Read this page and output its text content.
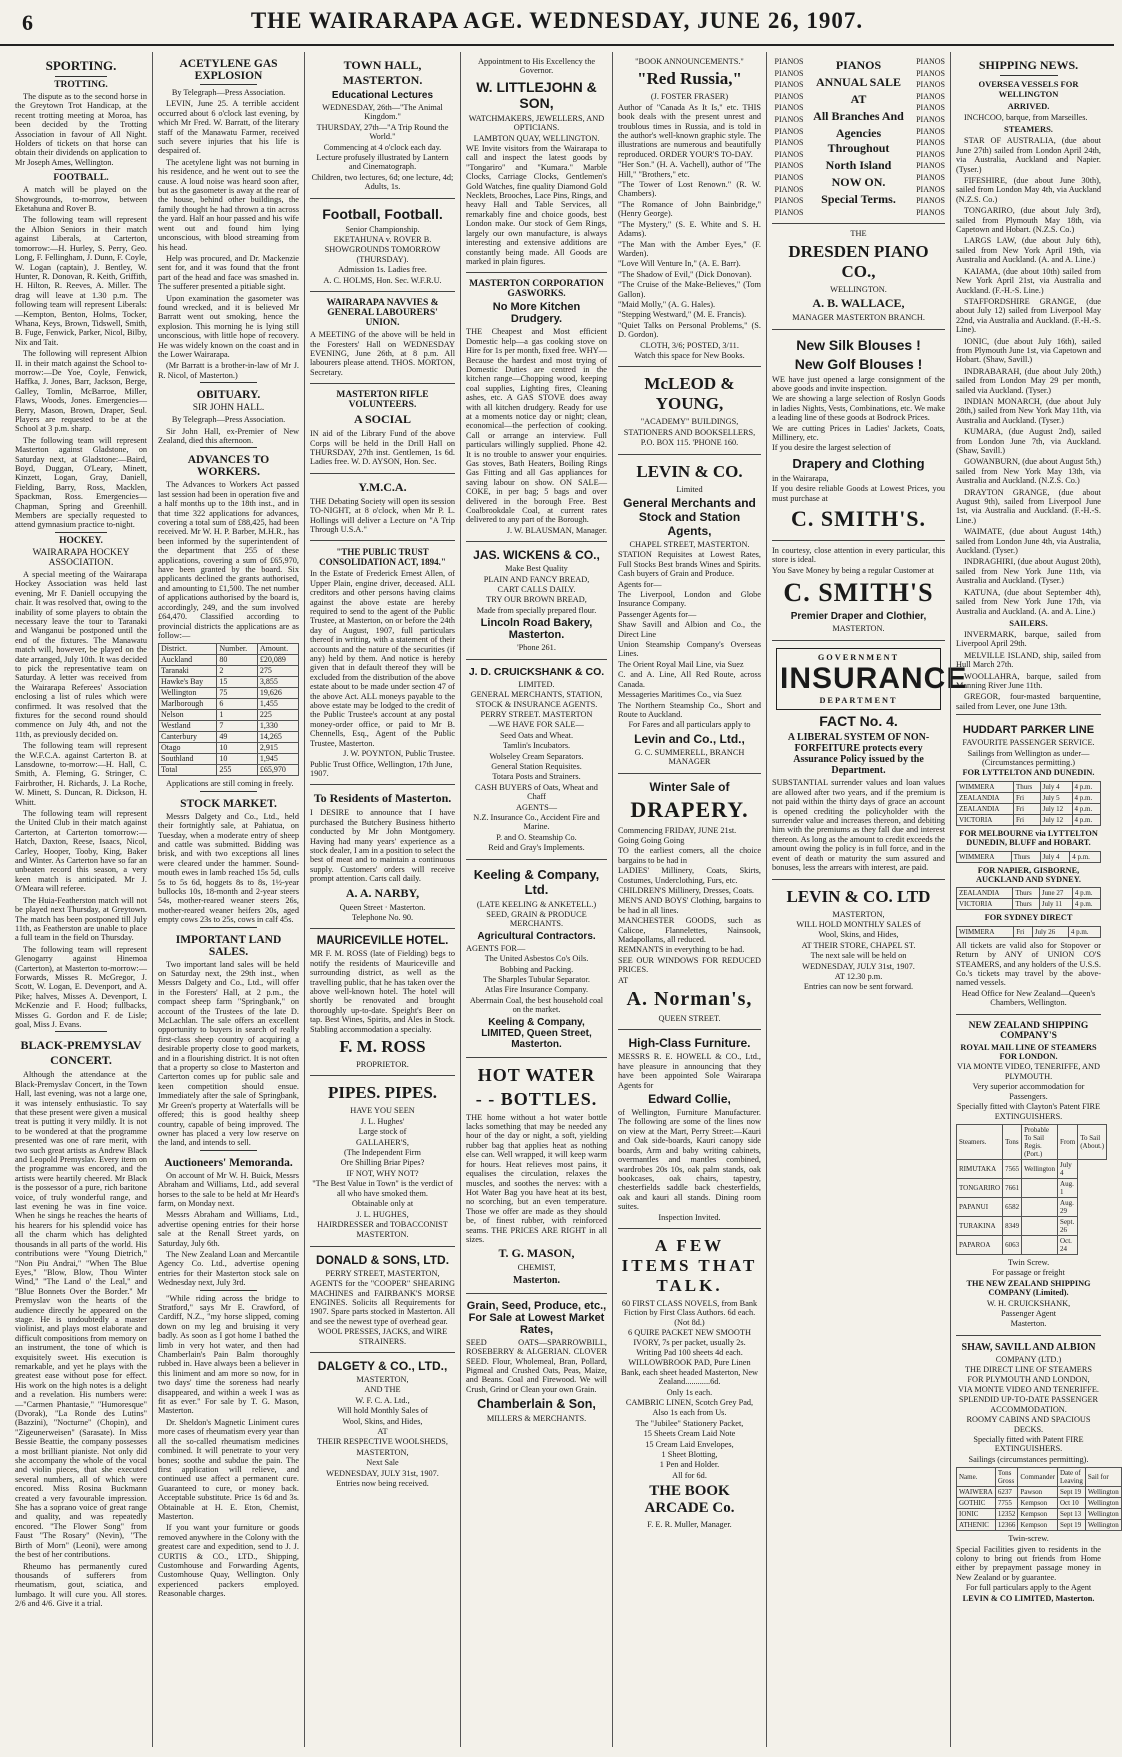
6	THE WAIRARAPA AGE. WEDNESDAY, JUNE 26, 1907.
SPORTING.
TROTTING.
The dispute as to the second horse in the Greytown Trot Handicap, at the recent trotting meeting at Moroa, has been decided by the Trotting Association in favour of All Night. Holders of tickets on that horse can obtain their dividends on application to Mr Joseph Ames, Wellington.
FOOTBALL.
A match will be played on the Showgrounds, to-morrow, between Eketahuna and Rover B.
The following team will represent the Albion Seniors in their match against Liberals, at Carterton, tomorrow:—H. Hurley, S. Perry, Geo. Long, F. Fellingham, J. Dunn, F. Coyle, W. Logan (captain), J. Bentley, W. Hunter, R. Donovan, R. Keith, Griffith, H. Hilton, R. Reeves, A. Miller. The drag will leave at 1.30 p.m. The following team will represent Liberals:—Kempton, Benton, Holms, Tocker, Whana, Keys, Brown, Tidswell, Smith, B. Fuge, Fenwick, Parker, Nicol, Bilby, Nix and Tait.
The following will represent Albion II. in their match against the School to-morrow:—De Yoe, Coyle, Fenwick, Haffka, J. Jones, Barr, Jackson, Berge, Galley, Tomlin, McBarroe, Miller, Flaws, Woods, Jones. Emergencies—Berry, Mason, Brown, Draper, Seul. Players are requested to be at the School at 3 p.m. sharp.
The following team will represent Masterton against Gladstone, on Saturday next, at Gladstone:—Baird, Boyd, Duggan, O'Leary, Minett, Kinzett, Logan, Gray, Daniell, Fielding, Barry, Ross, Macklen, Spackman, Ross. Emergencies—Chapman, Spring and Greenhill. Members are specially requested to attend gymnasium practice to-night.
HOCKEY.
WAIRARAPA HOCKEY ASSOCIATION.
A special meeting of the Wairarapa Hockey Association was held last evening, Mr F. Daniell occupying the chair. It was resolved that, owing to the inability of some players to obtain the necessary leave the tour to Taranaki and Wanganui be postponed until the end of the fixtures. The Manawatu match will, however, be played on the date arranged, July 10th. It was decided to pick the representative team on Saturday. A letter was received from the Wairarapa Referees' Association enclosing a list of rules which were confirmed. It was resolved that the fixtures for the second round should commence on July 4th, and not the 11th, as previously decided on.
The following team will represent the W.F.C.A. against Carterton B. at Lansdowne, to-morrow:—H. Hall, C. Smith, A. Fleming, G. Stringer, C. Fairbrother, H. Richards, J. La Roche, W. Minett, S. Duncan, R. Dickson, H. Whitt.
The following team will represent the United Club in their match against Carterton, at Carterton tomorrow:—Hatch, Daxton, Reese, Isaacs, Nicol, Carley, Hooper, Tooby, King, Baker and Winter. As Carterton have so far an unbeaten record this season, a very keen match is anticipated. Mr J. O'Meara will referee.
The Huia-Featherston match will not be played next Thursday, at Greytown. The match has been postponed till July 11th, as Featherston are unable to place a full team in the field on Thursday.
The following team will represent Glenogarry against Hinemoa (Carterton), at Masterton to-morrow:—Forwards, Misses R. McGregor, J. Scott, W. Logan, E. Devenport, and A. Pike; halves, Misses A. Devenport, I. McKenzie and F. Hood; fullbacks, Misses G. Gordon and F. de Lisle; goal, Miss J. Evans.
BLACK-PREMYSLAV CONCERT.
Although the attendance at the Black-Premyslav Concert, in the Town Hall, last evening, was not a large one, it was intensely enthusiastic. To say that these present were given a musical treat is putting it very mildly. It is not to be wondered at that the programme presented was one of rare merit, with two such great artists as Andrew Black and Leopold Premyslav. Every item on the programme was encored, and the artists were heartily cheered. Mr Black is the possessor of a pure, rich baritone voice, of truly wonderful range, and last evening he was in fine voice. When he sings he reaches the hearts of his hearers for his splendid voice has all the charm which has delighted thousands in all parts of the world. His contributions were "Young Dietrich," "Non Piu Andrai," "When The Blue Eyes," "Blow, Blow, Thou Winter Wind," "The Land o' the Leal," and "Blue Bonnets Over the Border." Mr Premyslav won the hearts of the audience directly he appeared on the stage. He is undoubtedly a master violinist, and plays most elaborate and difficult compositions from memory on an instrument, the tone of which is exquisitely sweet. His execution is remarkable, and yet he plays with the greatest ease without pose for effect. His work on the high notes is a delight and a revelation. His numbers were:—"Carmen Phantasie," "Humoresque" (Dvorak), "La Ronde des Lutins" (Bazzini), "Nocturne" (Chopin), and "Zigeunerweisen" (Sarasate). In Miss Bessie Beattie, the company possesses a most brilliant pianiste. Not only did she accompany the whole of the vocal and violin pieces, that she executed several numbers, all of which were encored. Miss Rosina Buckmann created a very favourable impression. She has a soprano voice of great range and quality, and was repeatedly encored. "The Flower Song" from Faust "The Rosary" (Nevin), "The Birth of Morn" (Leoni), were among the best of her contributions.
Rheumo has permanently cured thousands of sufferers from rheumatism, gout, sciatica, and lumbago. It will cure you. All stores. 2/6 and 4/6. Give it a trial.
ACETYLENE GAS EXPLOSION
By Telegraph—Press Association.
LEVIN, June 25. A terrible accident occurred about 6 o'clock last evening, by which Mr Fred. W. Barratt, of the literary staff of the Manawatu Farmer, received such severe injuries that his life is despaired of.
The acetylene light was not burning in his residence, and he went out to see the cause. A loud noise was heard soon after, but as the gasometer is away at the rear of the house, behind other buildings, the family thought he had thrown a tin across the yard. Half an hour passed and his wife went out and found him lying unconscious, with blood streaming from his head.
Help was procured, and Dr. Mackenzie sent for, and it was found that the front part of the head and face was smashed in. The sufferer presented a pitiable sight.
Upon examination the gasometer was found wrecked, and it is believed Mr Barratt went out smoking, hence the explosion. This morning he is lying still unconscious, with little hope of recovery. He was widely known on the coast and in the Lower Wairarapa.
(Mr Barratt is a brother-in-law of Mr J. R. Nicol, of Masterton.)
OBITUARY.
SIR JOHN HALL.
By Telegraph—Press Association.
Sir John Hall, ex-Premier of New Zealand, died this afternoon.
ADVANCES TO WORKERS.
The Advances to Workers Act passed last session had been in operation five and a half months up to the 18th inst., and in that time 322 applications for advances, covering a total sum of £88,425, had been received. Mr W. H. P. Barber, M.H.R., has been informed by the superintendent of the department that 255 of these applications, covering a sum of £65,970, have been granted by the board. Six applicants declined the grants authorised, and amounting to £1,500. The net number of applications authorised by the board is, accordingly, 249, and the sum involved £64,470. Classified according to provincial districts the applications are as follow:—
District.	Number.	Amount.
Auckland	80	£20,089
Taranaki	2	275
Hawke's Bay	15	3,855
Wellington	75	19,626
Marlborough	6	1,455
Nelson	1	225
Westland	7	1,330
Canterbury	49	14,265
Otago	10	2,915
Southland	10	1,945
Total	255	£65,970
Applications are still coming in freely.
STOCK MARKET.
Messrs Dalgety and Co., Ltd., held their fortnightly sale, at Pahiatua, on Tuesday, when a moderate entry of sheep and cattle was submitted. Bidding was brisk, and with two exceptions all lines were cleared under the hammer. Sound-mouth ewes in lamb reached 15s 5d, culls 5s to 5s 6d, hoggets 8s to 8s, 1½-year bullocks 10s, 18-month and 2-year steers 54s, mother-reared weaner steers 26s, mother-reared weaner heifers 20s, aged empty cows 23s to 25s, cows in calf 45s.
IMPORTANT LAND SALES.
Two important land sales will be held on Saturday next, the 29th inst., when Messrs Dalgety and Co., Ltd., will offer in the Foresters' Hall, at 2 p.m., the compact sheep farm "Springbank," on account of the Trustees of the late D. McLachlan. The sale offers an excellent opportunity to buyers in search of really first-class sheep country of acquiring a desirable property close to good markets, and in a flourishing district. It is not often that a property so close to Masterton and Carterton comes up for public sale and keen competition should ensue. Immediately after the sale of Springbank, Mr Green's property at Waterfalls will be offered; this is good healthy sheep country, capable of being improved. The owner has placed a very low reserve on the land, and intends to sell.
Auctioneers' Memoranda.
On account of Mr W. H. Buick, Messrs Abraham and Williams, Ltd., add several horses to the sale to be held at Mr Heard's farm, on Monday next.
Messrs Abraham and Williams, Ltd., advertise opening entries for their horse sale at the Renall Street yards, on Saturday, July 6th.
The New Zealand Loan and Mercantile Agency Co. Ltd., advertise opening entries for their Masterton stock sale on Wednesday next, July 3rd.
"While riding across the bridge to Stratford," says Mr E. Crawford, of Cardiff, N.Z., "my horse slipped, coming down on my leg and bruising it very badly. As soon as I got home I bathed the limb in very hot water, and then had Chamberlain's Pain Balm thoroughly rubbed in. Have always been a believer in this liniment and am more so now, for in two days' time the soreness had nearly disappeared, and within a week I was as fit as ever." For sale by T. G. Mason, Masterton.
Dr. Sheldon's Magnetic Liniment cures more cases of rheumatism every year than all the so-called rheumatism medicines combined. It will penetrate to your very bones; soothe and subdue the pain. The first application will relieve, and continued use affect a permanent cure. Guaranteed to cure, or money back. Acceptable substitute. Price 1s 6d and 3s. Obtainable at H. E. Eton, Chemist, Masterton.
If you want your furniture or goods removed anywhere in the Colony with the greatest care and expedition, send to J. J. CURTIS & CO., LTD., Shipping, Customhouse and Forwarding Agents, Customhouse Quay, Wellington. Only experienced packers employed. Reasonable charges.
TOWN HALL, MASTERTON.
Educational Lectures
WEDNESDAY, 26th—"The Animal Kingdom."
THURSDAY, 27th—"A Trip Round the World."
Commencing at 4 o'clock each day.
Lecture profusely illustrated by Lantern and Cinematograph.
Children, two lectures, 6d; one lecture, 4d; Adults, 1s.
Football, Football.
Senior Championship.
EKETAHUNA v. ROVER B.
SHOWGROUNDS TOMORROW (THURSDAY).
Admission 1s. Ladies free.
A. C. HOLMS, Hon. Sec. W.F.R.U.
WAIRARAPA NAVVIES & GENERAL LABOURERS' UNION.
A MEETING of the above will be held in the Foresters' Hall on WEDNESDAY EVENING, June 26th, at 8 p.m. All labourers please attend. THOS. MORTON, Secretary.
MASTERTON RIFLE VOLUNTEERS.
A SOCIAL
IN aid of the Library Fund of the above Corps will be held in the Drill Hall on THURSDAY, 27th inst. Gentlemen, 1s 6d. Ladies free. W. D. AYSON, Hon. Sec.
Y.M.C.A.
THE Debating Society will open its session TO-NIGHT, at 8 o'clock, when Mr P. L. Hollings will deliver a Lecture on "A Trip Through U.S.A."
"THE PUBLIC TRUST CONSOLIDATION ACT, 1894."
In the Estate of Frederick Ernest Allen, of Upper Plain, engine driver, deceased. ALL creditors and other persons having claims against the above estate are hereby required to send to the agent of the Public Trustee, at Masterton, on or before the 24th day of August, 1907, full particulars thereof in writing, with a statement of their accounts and the nature of the securities (if any) held by them. And notice is hereby given that in default thereof they will be excluded from the distribution of the above estate about to be made under section 47 of the above Act. ALL moneys payable to the above estate may be lodged to the credit of the Public Trustee's account at any postal money-order office, or paid to Mr B. Chennells, Esq., Agent of the Public Trustee, Masterton.
J. W. POYNTON, Public Trustee.
Public Trust Office, Wellington, 17th June, 1907.
To Residents of Masterton.
I DESIRE to announce that I have purchased the Butchery Business hitherto conducted by Mr John Montgomery. Having had many years' experience as a stock dealer, I am in a position to select the best of meat and to maintain a continuous supply. Customers' orders will receive prompt attention. Carts call daily.
A. A. NARBY,
Queen Street · Masterton.
Telephone No. 90.
MAURICEVILLE HOTEL.
MR F. M. ROSS (late of Fielding) begs to notify the residents of Mauriceville and surrounding district, as well as the travelling public, that he has taken over the above well-known hotel. The hotel will shortly be renovated and brought thoroughly up-to-date. Speight's Beer on tap. Best Wines, Spirits, and Ales in Stock. Stabling accommodation a specialty.
F. M. ROSS
PROPRIETOR.
PIPES. PIPES.
HAVE YOU SEEN
J. L. Hughes'
Large stock of
GALLAHER'S,
(The Independent Firm
Ore Shilling Briar Pipes?
IF NOT, WHY NOT?
"The Best Value in Town" is the verdict of all who have smoked them.
Obtainable only at
J. L. HUGHES,
HAIRDRESSER and TOBACCONIST
MASTERTON.
DONALD & SONS, LTD.
PERRY STREET, MASTERTON,
AGENTS for the "COOPER" SHEARING MACHINES and FAIRBANK'S MORSE ENGINES. Solicits all Requirements for 1907. Spare parts stocked in Masterton. All and see the newest type of overhead gear.
WOOL PRESSES, JACKS, and WIRE STRAINERS.
DALGETY & CO., LTD.,
MASTERTON,
AND THE
W. F. C. A. Ltd.,
Will hold Monthly Sales of
Wool, Skins, and Hides,
AT
THEIR RESPECTIVE WOOLSHEDS,
MASTERTON,
Next Sale
WEDNESDAY, JULY 31st, 1907.
Entries now being received.
Appointment to His Excellency the Governor.
W. LITTLEJOHN & SON,
WATCHMAKERS, JEWELLERS, AND OPTICIANS.
LAMBTON QUAY, WELLINGTON.
WE Invite visitors from the Wairarapa to call and inspect the latest goods by "Tongariro" and "Kumara." Marble Clocks, Carriage Clocks, Gentlemen's Gold Watches, fine quality Diamond Gold Necklets, Brooches, Lace Pins, Rings, and heavy Hall and Table Services, all remarkably fine and choice goods, best London make. Our stock of Gem Rings, largely our own manufacture, is always interesting and extensive additions are constantly being made. All Goods are marked in plain figures.
MASTERTON CORPORATION GASWORKS.
No More Kitchen Drudgery.
THE Cheapest and Most efficient Domestic help—a gas cooking stove on Hire for 1s per month, fixed free. WHY—Because the hardest and most trying of Domestic Duties are centred in the kitchen range—Chopping wood, keeping coal supplies, Lighting fires, Cleaning ashes, etc. A GAS STOVE does away with all kitchen drudgery. Ready for use at a moments notice day or night; clean, economical—the perfection of cooking. Call or arrange an interview. Full particulars willingly supplied. Phone 42. It is no trouble to answer your enquiries. Gas stoves, Bath Heaters, Boiling Rings Gas Fitting and all Gas appliances for saving labour on show. ON SALE—COKE, in per bag; 5 bags and over delivered in the borough Free. Best Coalbrookdale Coal, at current rates delivered to any part of the Borough.
J. W. BLAUSMAN, Manager.
JAS. WICKENS & CO.,
Make Best Quality
PLAIN AND FANCY BREAD,
CART CALLS DAILY.
TRY OUR BROWN BREAD,
Made from specially prepared flour.
Lincoln Road Bakery, Masterton.
'Phone 261.
J. D. CRUICKSHANK & CO.
LIMITED.
GENERAL MERCHANTS, STATION, STOCK & INSURANCE AGENTS.
PERRY STREET. MASTERTON
—WE HAVE FOR SALE—
Seed Oats and Wheat.
Tamlin's Incubators.
Wolseley Cream Separators.
General Station Requisites.
Totara Posts and Strainers.
CASH BUYERS of Oats, Wheat and Chaff
AGENTS—
N.Z. Insurance Co., Accident Fire and Marine.
P. and O. Steamship Co.
Reid and Gray's Implements.
Keeling & Company, Ltd.
(LATE KEELING & ANKETELL.)
SEED, GRAIN & PRODUCE MERCHANTS.
Agricultural Contractors.
AGENTS FOR—
The United Asbestos Co's Oils.
Bobbing and Packing.
The Sharples Tubular Separator.
Atlas Fire Insurance Company.
Aberrnain Coal, the best household coal on the market.
Keeling & Company, LIMITED, Queen Street, Masterton.
HOT WATER
- - BOTTLES.
THE home without a hot water bottle lacks something that may be needed any hour of the day or night, a soft, yielding rubber bag that applies heat as nothing else can. Well wrapped, it will keep warm for hours. Heat relieves most pains, it equalises the circulation, relaxes the muscles, and soothes the nerves: with a Hot Water Bag you have heat at its best, no scorching, but an even temperature. Those we offer are made as they should be, of finest rubber, with reinforced seams. THE PRICES ARE RIGHT in all sizes.
T. G. MASON,
CHEMIST,
Masterton.
Grain, Seed, Produce, etc., For Sale at Lowest Market Rates,
SEED OATS—SPARROWBILL, ROSEBERRY & ALGERIAN. CLOVER SEED. Flour, Wholemeal, Bran, Pollard, Pigmeal and Crushed Oats, Peas, Maize, and Beans. Coal and Firewood. We will Crush, Grind or Clean your own Grain.
Chamberlain & Son,
MILLERS & MERCHANTS.
"BOOK ANNOUNCEMENTS."
"Red Russia,"
(J. FOSTER FRASER)
Author of "Canada As It Is," etc. THIS book deals with the present unrest and troublous times in Russia, and is told in the author's well-known graphic style. The illustrations are numerous and beautifully reproduced. ORDER YOUR'S TO-DAY.
"Her Son." (H. A. Vachell), author of "The Hill," "Brothers," etc.
"The Tower of Lost Renown." (R. W. Chambers).
"The Romance of John Bainbridge," (Henry George).
"The Mystery," (S. E. White and S. H. Adams).
"The Man with the Amber Eyes," (F. Warden).
"Love Will Venture In," (A. E. Barr).
"The Shadow of Evil," (Dick Donovan).
"The Cruise of the Make-Believes," (Tom Gallon).
"Maid Molly," (A. G. Hales).
"Stepping Westward," (M. E. Francis).
"Quiet Talks on Personal Problems," (S. D. Gordon).
CLOTH, 3/6; POSTED, 3/11.
Watch this space for New Books.
McLEOD & YOUNG,
"ACADEMY" BUILDINGS,
STATIONERS AND BOOKSELLERS,
P.O. BOX 115. 'PHONE 160.
LEVIN & CO.
Limited
General Merchants and Stock and Station Agents,
CHAPEL STREET, MASTERTON.
STATION Requisites at Lowest Rates, Full Stocks Best brands Wines and Spirits. Cash buyers of Grain and Produce.
Agents for—
The Liverpool, London and Globe Insurance Company.
Passenger Agents for—
Shaw Savill and Albion and Co., the Direct Line
Union Steamship Company's Overseas Lines.
The Orient Royal Mail Line, via Suez
C. and A. Line, All Red Route, across Canada.
Messageries Maritimes Co., via Suez
The Northern Steamship Co., Short and Route to Auckland.
For Fares and all particulars apply to
Levin and Co., Ltd.,
G. C. SUMMERELL, BRANCH MANAGER
Winter Sale of
DRAPERY.
Commencing FRIDAY, JUNE 21st.
Going Going Going
TO the earliest comers, all the choice bargains to be had in
LADIES' Millinery, Coats, Skirts, Costumes, Underclothing, Furs, etc.
CHILDREN'S Millinery, Dresses, Coats.
MEN'S AND BOYS' Clothing, bargains to be had in all lines.
MANCHESTER GOODS, such as Calicoe, Flannelettes, Nainsook, Madapollams, all reduced.
REMNANTS in everything to be had.
SEE OUR WINDOWS FOR REDUCED PRICES.
AT
A. Norman's,
QUEEN STREET.
High-Class Furniture.
MESSRS R. E. HOWELL & CO., Ltd., have pleasure in announcing that they have been appointed Sole Wairarapa Agents for
Edward Collie,
of Wellington, Furniture Manufacturer. The following are some of the lines now on view at the Mart, Perry Street:—Kauri and Oak side-boards, Kauri canopy side boards, Arm and baby writing cabinets, overmantles and mantles combined, wardrobes 20s 10s, oak palm stands, oak bookcases, oak chairs, tapestry, chesterfields saddle back chesterfields, oak and kauri all stands. Dining room suites.
Inspection Invited.
A FEW ITEMS THAT TALK.
60 FIRST CLASS NOVELS, from Bank Fiction by First Class Authors. 6d each. (Not 8d.)
6 QUIRE PACKET NEW SMOOTH IVORY, 7s per packet, usually 2s.
Writing Pad 100 sheets 4d each.
WILLOWBROOK PAD, Pure Linen Bank, each sheet headed Masterton, New Zealand............6d.
Only 1s each.
CAMBRIC LINEN, Scotch Grey Pad,
Also 1s each from Us.
The "Jubilee" Stationery Packet,
15 Sheets Cream Laid Note
15 Cream Laid Envelopes,
1 Sheet Blotting,
1 Pen and Holder.
All for 6d.
THE BOOK ARCADE Co.
F. E. R. Muller, Manager.
PIANOS
PIANOS
PIANOS
PIANOS
PIANOS
PIANOS
PIANOS
PIANOS
PIANOS
PIANOS
PIANOS
PIANOS
PIANOS
PIANOS
PIANOS
ANNUAL SALE
AT
All Branches And
Agencies Throughout
North Island
NOW ON.
Special Terms.
PIANOS
PIANOS
PIANOS
PIANOS
PIANOS
PIANOS
PIANOS
PIANOS
PIANOS
PIANOS
PIANOS
PIANOS
PIANOS
PIANOS
THE
DRESDEN PIANO CO.,
WELLINGTON.
A. B. WALLACE,
MANAGER MASTERTON BRANCH.
New Silk Blouses !
New Golf Blouses !
WE have just opened a large consignment of the above goods and invite inspection.
We are showing a large selection of Roslyn Goods in ladies Nights, Vests, Combinations, etc. We make a leading line of these goods at Bodrock Prices.
We are cutting Prices in Ladies' Jackets, Coats, Millinery, etc.
If you desire the largest selection of
Drapery and Clothing
in the Wairarapa,
If you desire reliable Goods at Lowest Prices, you must purchase at
C. SMITH'S.
In courtesy, close attention in every particular, this store is ideal.
You Save Money by being a regular Customer at
C. SMITH'S
Premier Draper and Clothier,
MASTERTON.
GOVERNMENT
INSURANCE
DEPARTMENT
FACT No. 4.
A LIBERAL SYSTEM OF NON-FORFEITURE protects every Assurance Policy issued by the Department.
SUBSTANTIAL surrender values and loan values are allowed after two years, and if the premium is not paid within the thirty days of grace an account is opened crediting the policyholder with the surrender value and increases thereon, and debiting him with the premiums as they fall due and interest thereon. As long as the amount to credit exceeds the amount owing the policy is in full force, and in the event of death or maturity the sum assured and bonuses, less the arrears with interest, are paid.
LEVIN & CO. LTD
MASTERTON,
WILL HOLD MONTHLY SALES of
Wool, Skins, and Hides,
AT THEIR STORE, CHAPEL ST.
The next sale will be held on
WEDNESDAY, JULY 31st, 1907.
AT 12.30 p.m.
Entries can now be sent forward.
SHIPPING NEWS.
OVERSEA VESSELS FOR WELLINGTON
ARRIVED.
INCHCOO, barque, from Marseilles.
STEAMERS.
STAR OF AUSTRALIA, (due about June 27th) sailed from London April 24th, via Australia, Auckland and Napier. (Tyser.)
FIFESHIRE, (due about June 30th), sailed from London May 4th, via Auckland (N.Z.S. Co.)
TONGARIRO, (due about July 3rd), sailed from Plymouth May 18th, via Capetown and Hobart. (N.Z.S. Co.)
LARGS LAW, (due about July 6th), sailed from New York April 19th, via Australia and Auckland. (A. and A. Line.)
KAIAMA, (due about 10th) sailed from New York April 21st, via Australia and Auckland. (F.-H.-S. Line.)
STAFFORDSHIRE GRANGE, (due about July 12) sailed from Liverpool May 22nd, via Australia and Auckland. (F.-H.-S. Line).
IONIC, (due about July 16th), sailed from Plymouth June 1st, via Capetown and Hobart. (Shaw, Savill.)
INDRABARAH, (due about July 20th,) sailed from London May 29 per month, sailed via Auckland. (Tyser.)
INDIAN MONARCH, (due about July 28th,) sailed from New York May 11th, via Australia and Auckland. (Tyser.)
KUMARA, (due August 2nd), sailed from London June 7th, via Auckland. (Shaw, Savill.)
GOWANBURN, (due about August 5th,) sailed from New York May 13th, via Australia and Auckland. (N.Z.S. Co.)
DRAYTON GRANGE, (due about August 9th), sailed from Liverpool June 1st, via Australia and Auckland. (F.-H.-S. Line.)
WAIMATE, (due about August 14th,) sailed from London June 4th, via Australia, Auckland. (Tyser.)
INDRAGHIRI, (due about August 20th), sailed from New York June 11th, via Australia and Auckland. (Tyser.)
KATUNA, (due about September 4th), sailed from New York June 17th, via Australia and Auckland. (A. and A. Line.)
SAILERS.
INVERMARK, barque, sailed from Liverpool April 29th.
MELVILLE ISLAND, ship, sailed from Hull March 27th.
WOOLLAHRA, barque, sailed from Manning River June 11th.
GREGOR, four-masted barquentine, sailed from Lever, one June 13th.
HUDDART PARKER LINE
FAVOURITE PASSENGER SERVICE.
Sailings from Wellington as under—(Circumstances permitting.)
FOR LYTTELTON AND DUNEDIN.
WIMMERA	Thurs	July 4	4 p.m.
ZEALANDIA	Fri	July 5	4 p.m.
ZEALANDIA	Fri	July 12	4 p.m.
VICTORIA	Fri	July 12	4 p.m.
FOR MELBOURNE via LYTTELTON DUNEDIN, BLUFF and HOBART.
WIMMERA	Thurs	July 4	4 p.m.
FOR NAPIER, GISBORNE, AUCKLAND AND SYDNEY.
ZEALANDIA	Thurs	June 27	4 p.m.
VICTORIA	Thurs	July 11	4 p.m.
FOR SYDNEY DIRECT
WIMMERA	Fri	July 26	4 p.m.
All tickets are valid also for Stopover or Return by ANY of UNION CO'S STEAMERS, and any holders of the U.S.S. Co.'s tickets may travel by the above-named vessels.
Head Office for New Zealand—Queen's Chambers, Wellington.
NEW ZEALAND SHIPPING COMPANY'S
ROYAL MAIL LINE OF STEAMERS FOR LONDON.
VIA MONTE VIDEO, TENERIFFE, AND PLYMOUTH.
Very superior accommodation for Passengers.
Specially fitted with Clayton's Patent FIRE EXTINGUISHERS.
Steamers.	Tons	Probable To Sail Regis. (Port.)	From	To Sail (About.)
RIMUTAKA	7565	Wellington	July 4	
TONGARIRO	7661		Aug. 1	
PAPANUI	6582		Aug. 29	
TURAKINA	8349		Sept. 26	
PAPAROA	6063		Oct. 24	
Twin Screw.
For passage or freight
THE NEW ZEALAND SHIPPING COMPANY (Limited).
W. H. CRUICKSHANK,
Passenger Agent
Masterton.
SHAW, SAVILL AND ALBION
COMPANY (LTD.)
THE DIRECT LINE OF STEAMERS FOR PLYMOUTH AND LONDON,
VIA MONTE VIDEO AND TENERIFFE.
SPLENDID UP-TO-DATE PASSENGER ACCOMMODATION.
ROOMY CABINS AND SPACIOUS DECKS.
Specially fitted with Patent FIRE EXTINGUISHERS.
Sailings (circumstances permitting).
Name.	Tons Gross	Commander	Date of Leaving	Sail for
WAIWERA	6237	Pawson	Sept 19	Wellington
GOTHIC	7755	Kempson	Oct 10	Wellington
IONIC	12352	Kempson	Sept 13	Wellington
ATHENIC	12366	Kempson	Sept 19	Wellington
Twin-screw.
Special Facilities given to residents in the colony to bring out friends from Home either by prepayment passage money in New Zealand or by guarantee.
For full particulars apply to the Agent
LEVIN & CO LIMITED, Masterton.
